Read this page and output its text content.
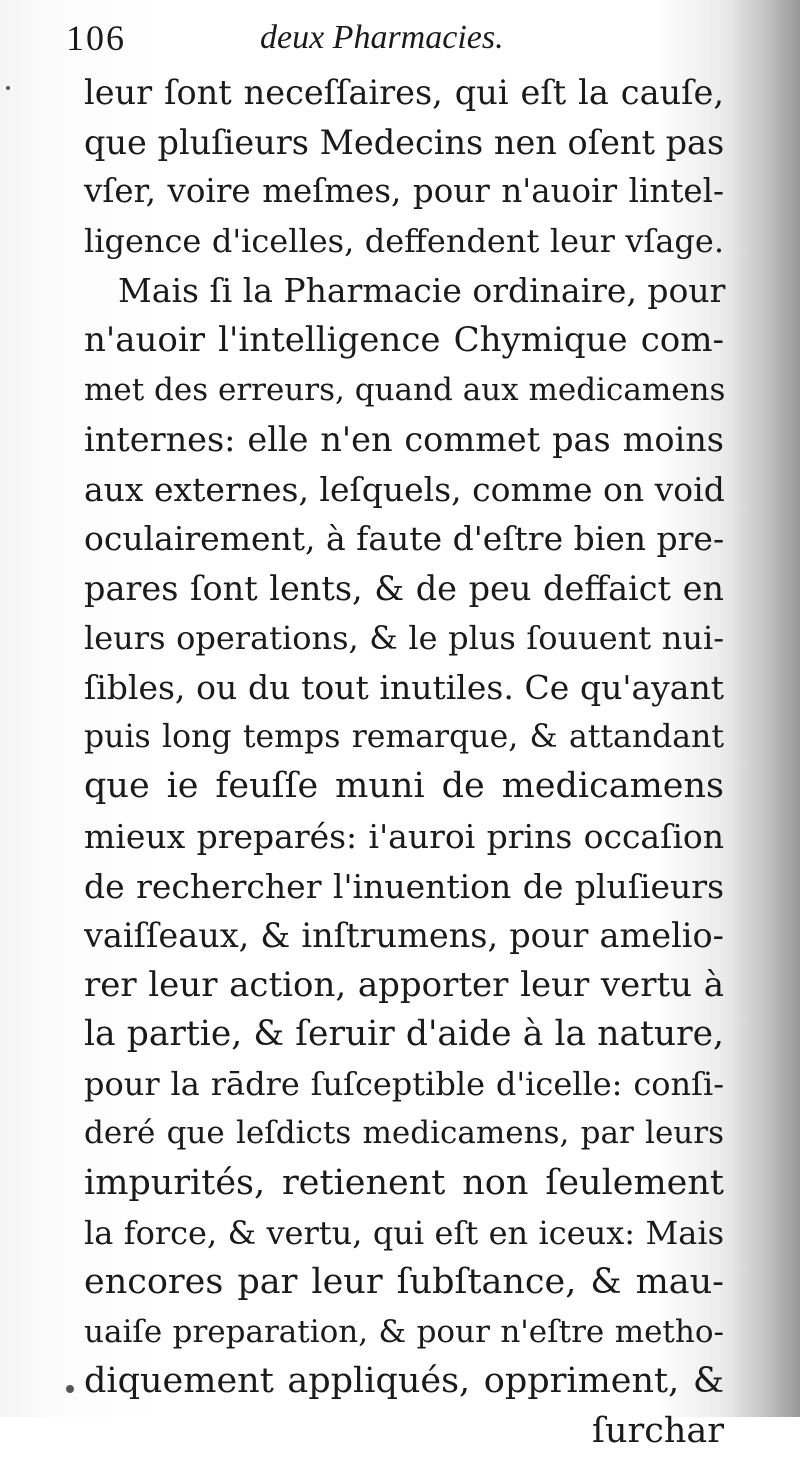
106	deux Pharmacies.
leur ſont neceſſaires, qui eſt la cauſe,
que pluſieurs Medecins nen oſent pas
vſer, voire meſmes, pour n'auoir lintel-
ligence d'icelles, deffendent leur vſage.
Mais ſi la Pharmacie ordinaire, pour
n'auoir l'intelligence Chymique com-
met des erreurs, quand aux medicamens
internes: elle n'en commet pas moins
aux externes, leſquels, comme on void
oculairement, à faute d'eſtre bien pre-
pares ſont lents, & de peu deffaict en
leurs operations, & le plus ſouuent nui-
ſibles, ou du tout inutiles. Ce qu'ayant
puis long temps remarque, & attandant
que ie feuſſe muni de medicamens
mieux preparés: i'auroi prins occaſion
de rechercher l'inuention de pluſieurs
vaiſſeaux, & inſtrumens, pour amelio-
rer leur action, apporter leur vertu à
la partie, & ſeruir d'aide à la nature,
pour la rādre ſuſceptible d'icelle: conſi-
deré que leſdicts medicamens, par leurs
impurités, retienent non ſeulement
la force, & vertu, qui eſt en iceux: Mais
encores par leur ſubſtance, & mau-
uaiſe preparation, & pour n'eſtre metho-
diquement appliqués, oppriment, &
ſurchar
